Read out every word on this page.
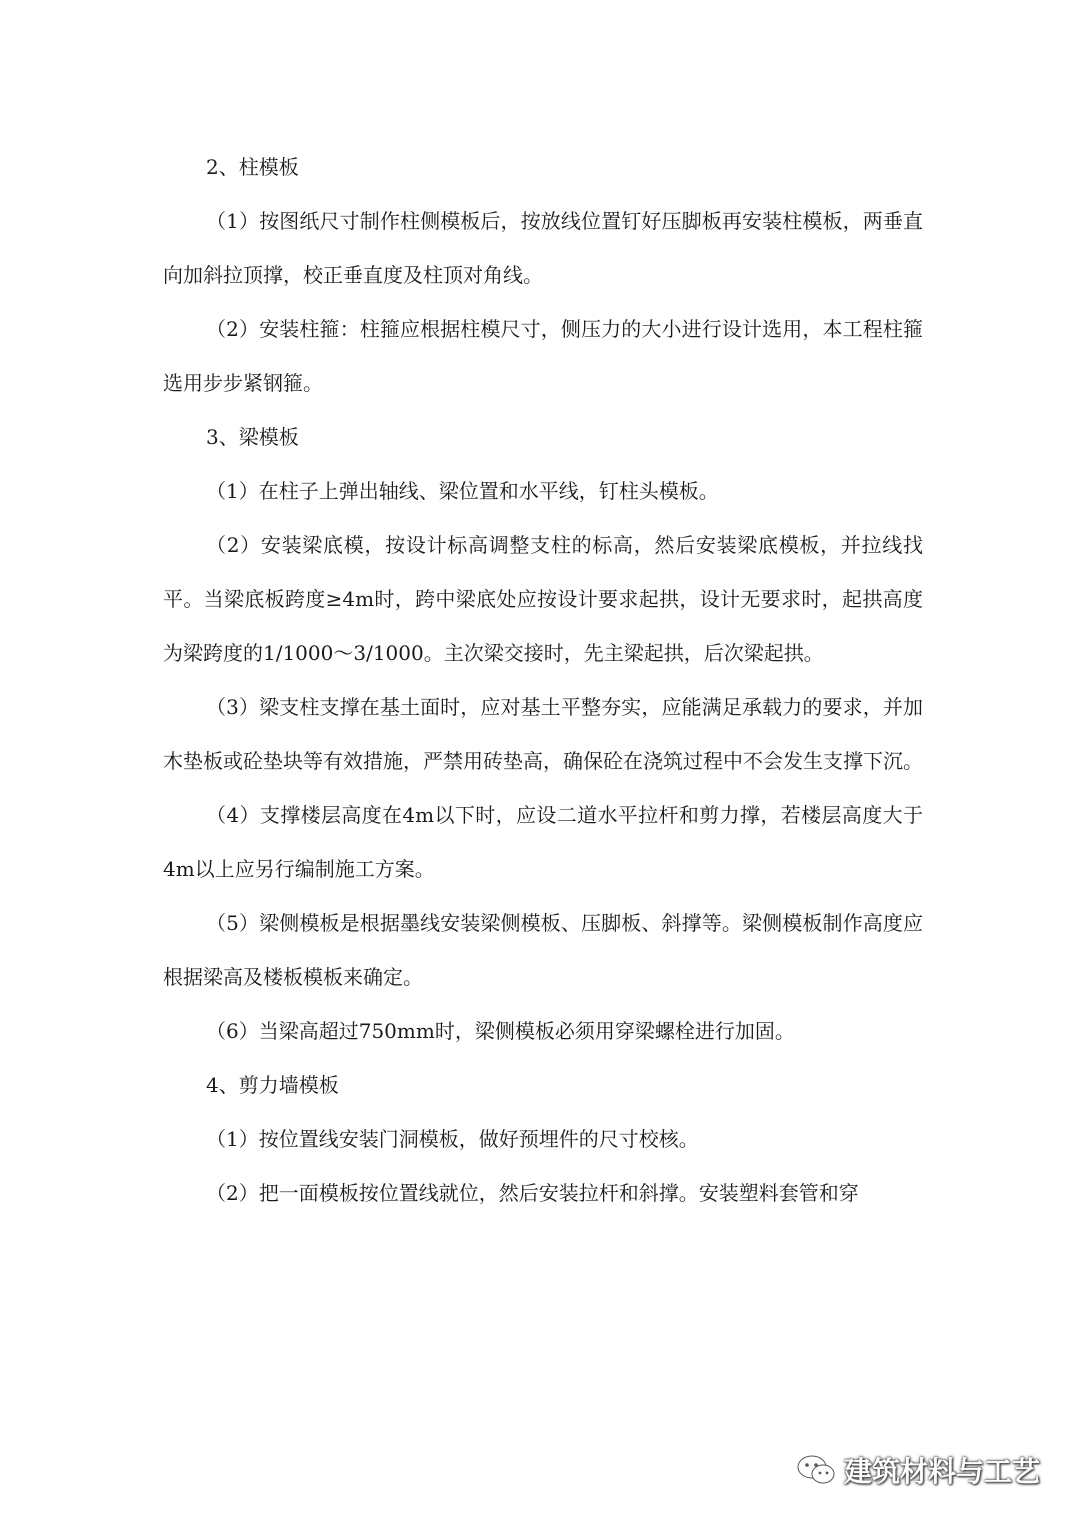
2、柱模板

（1）按图纸尺寸制作柱侧模板后，按放线位置钉好压脚板再安装柱模板，两垂直向加斜拉顶撑，校正垂直度及柱顶对角线。

（2）安装柱箍：柱箍应根据柱模尺寸，侧压力的大小进行设计选用，本工程柱箍选用步步紧钢箍。

3、梁模板

（1）在柱子上弹出轴线、梁位置和水平线，钉柱头模板。

（2）安装梁底模，按设计标高调整支柱的标高，然后安装梁底模板，并拉线找平。当梁底板跨度≥4m时，跨中梁底处应按设计要求起拱，设计无要求时，起拱高度为梁跨度的1/1000～3/1000。主次梁交接时，先主梁起拱，后次梁起拱。

（3）梁支柱支撑在基土面时，应对基土平整夯实，应能满足承载力的要求，并加木垫板或砼垫块等有效措施，严禁用砖垫高，确保砼在浇筑过程中不会发生支撑下沉。

（4）支撑楼层高度在4m以下时，应设二道水平拉杆和剪力撑，若楼层高度大于4m以上应另行编制施工方案。

（5）梁侧模板是根据墨线安装梁侧模板、压脚板、斜撑等。梁侧模板制作高度应根据梁高及楼板模板来确定。

（6）当梁高超过750mm时，梁侧模板必须用穿梁螺栓进行加固。

4、剪力墙模板

（1）按位置线安装门洞模板，做好预埋件的尺寸校核。

（2）把一面模板按位置线就位，然后安装拉杆和斜撑。安装塑料套管和穿

建筑材料与工艺
